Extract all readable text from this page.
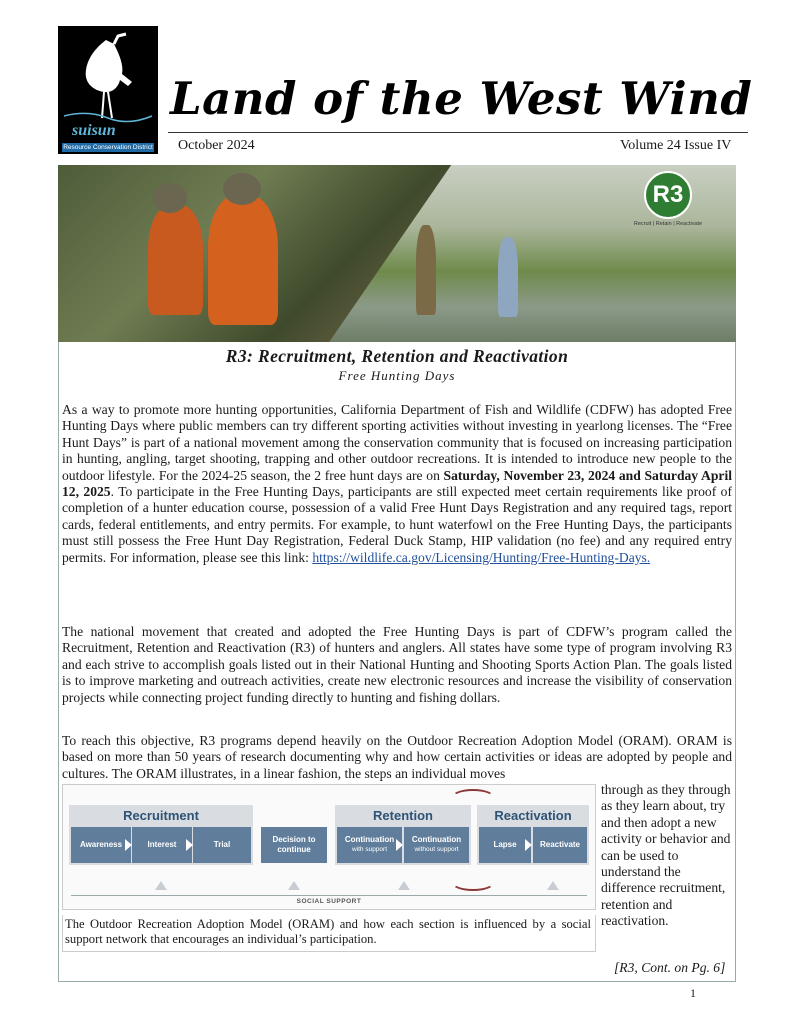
suisun
Resource Conservation District
Land of the West Wind
October 2024	Volume 24 Issue IV
R3
Recruit | Retain | Reactivate
R3: Recruitment, Retention and Reactivation
Free Hunting Days
As a way to promote more hunting opportunities, California Department of Fish and Wildlife (CDFW) has adopted Free Hunting Days where public members can try different sporting activities without investing in yearlong licenses. The “Free Hunt Days” is part of a national movement among the conservation community that is focused on increasing participation in hunting, angling, target shooting, trapping and other outdoor recreations. It is intended to introduce new people to the outdoor lifestyle. For the 2024-25 season, the 2 free hunt days are on Saturday, November 23, 2024 and Saturday April 12, 2025. To participate in the Free Hunting Days, participants are still expected meet certain requirements like proof of completion of a hunter education course, possession of a valid Free Hunt Days Registration and any required tags, report cards, federal entitlements, and entry permits. For example, to hunt waterfowl on the Free Hunting Days, the participants must still possess the Free Hunt Day Registration, Federal Duck Stamp, HIP validation (no fee) and any required entry permits. For information, please see this link: https://wildlife.ca.gov/Licensing/Hunting/Free-Hunting-Days.
The national movement that created and adopted the Free Hunting Days is part of CDFW’s program called the Recruitment, Retention and Reactivation (R3) of hunters and anglers. All states have some type of program involving R3 and each strive to accomplish goals listed out in their National Hunting and Shooting Sports Action Plan. The goals listed is to improve marketing and outreach activities, create new electronic resources and increase the visibility of conservation projects while connecting project funding directly to hunting and fishing dollars.
To reach this objective, R3 programs depend heavily on the Outdoor Recreation Adoption Model (ORAM). ORAM is based on more than 50 years of research documenting why and how certain activities or ideas are adopted by people and cultures. The ORAM illustrates, in a linear fashion, the steps an individual moves
through as they through as they learn about, try and then adopt a new activity or behavior and can be used to understand the difference recruitment, retention and reactivation.
Recruitment	Retention	Reactivation
Awareness	Interest	Trial
Decision to continue
Continuation
with support
Continuation
without support
Lapse	Reactivate
SOCIAL SUPPORT
The Outdoor Recreation Adoption Model (ORAM) and how each section is influenced by a social support network that encourages an individual’s participation.
[R3, Cont. on Pg. 6]
1
